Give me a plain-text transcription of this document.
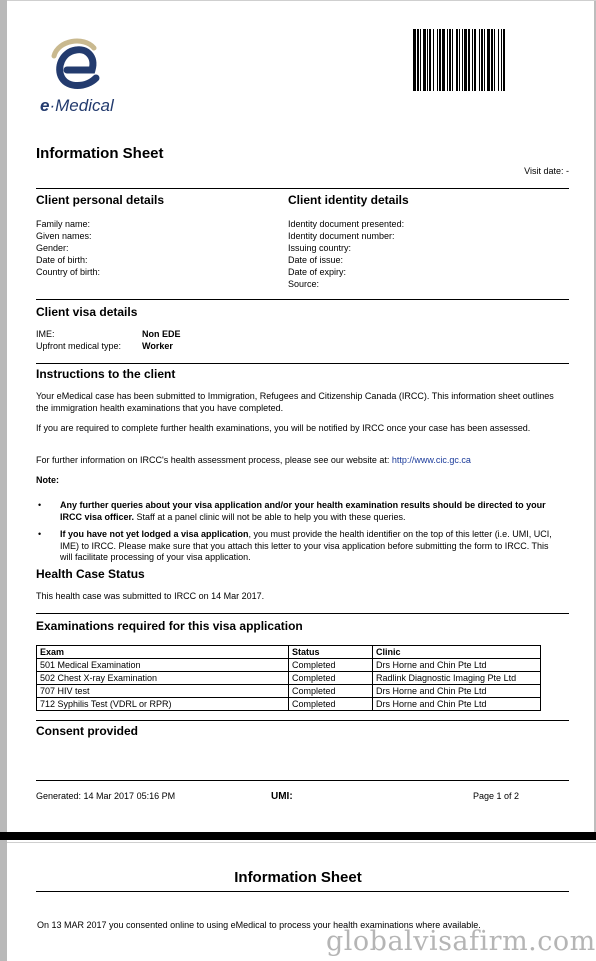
e·Medical
Information Sheet
Visit date: -
Client personal details	Client identity details
Family name:
Given names:
Gender:
Date of birth:
Country of birth:
Identity document presented:
Identity document number:
Issuing country:
Date of issue:
Date of expiry:
Source:
Client visa details
IME:	Non EDE
Upfront medical type: Worker
Instructions to the client
Your eMedical case has been submitted to Immigration, Refugees and Citizenship Canada (IRCC). This information sheet outlines the immigration health examinations that you have completed.
If you are required to complete further health examinations, you will be notified by IRCC once your case has been assessed.
For further information on IRCC's health assessment process, please see our website at: http://www.cic.gc.ca
Note:
• Any further queries about your visa application and/or your health examination results should be directed to your IRCC visa officer. Staff at a panel clinic will not be able to help you with these queries.
• If you have not yet lodged a visa application, you must provide the health identifier on the top of this letter (i.e. UMI, UCI, IME) to IRCC. Please make sure that you attach this letter to your visa application before submitting the form to IRCC. This will facilitate processing of your visa application.
Health Case Status
This health case was submitted to IRCC on 14 Mar 2017.
Examinations required for this visa application
Exam	Status	Clinic
501 Medical Examination	Completed	Drs Horne and Chin Pte Ltd
502 Chest X-ray Examination	Completed	Radlink Diagnostic Imaging Pte Ltd
707 HIV test	Completed	Drs Horne and Chin Pte Ltd
712 Syphilis Test (VDRL or RPR)	Completed	Drs Horne and Chin Pte Ltd
Consent provided
Generated: 14 Mar 2017 05:16 PM	UMI:	Page 1 of 2
Information Sheet
On 13 MAR 2017 you consented online to using eMedical to process your health examinations where available.
globalvisafirm.com
